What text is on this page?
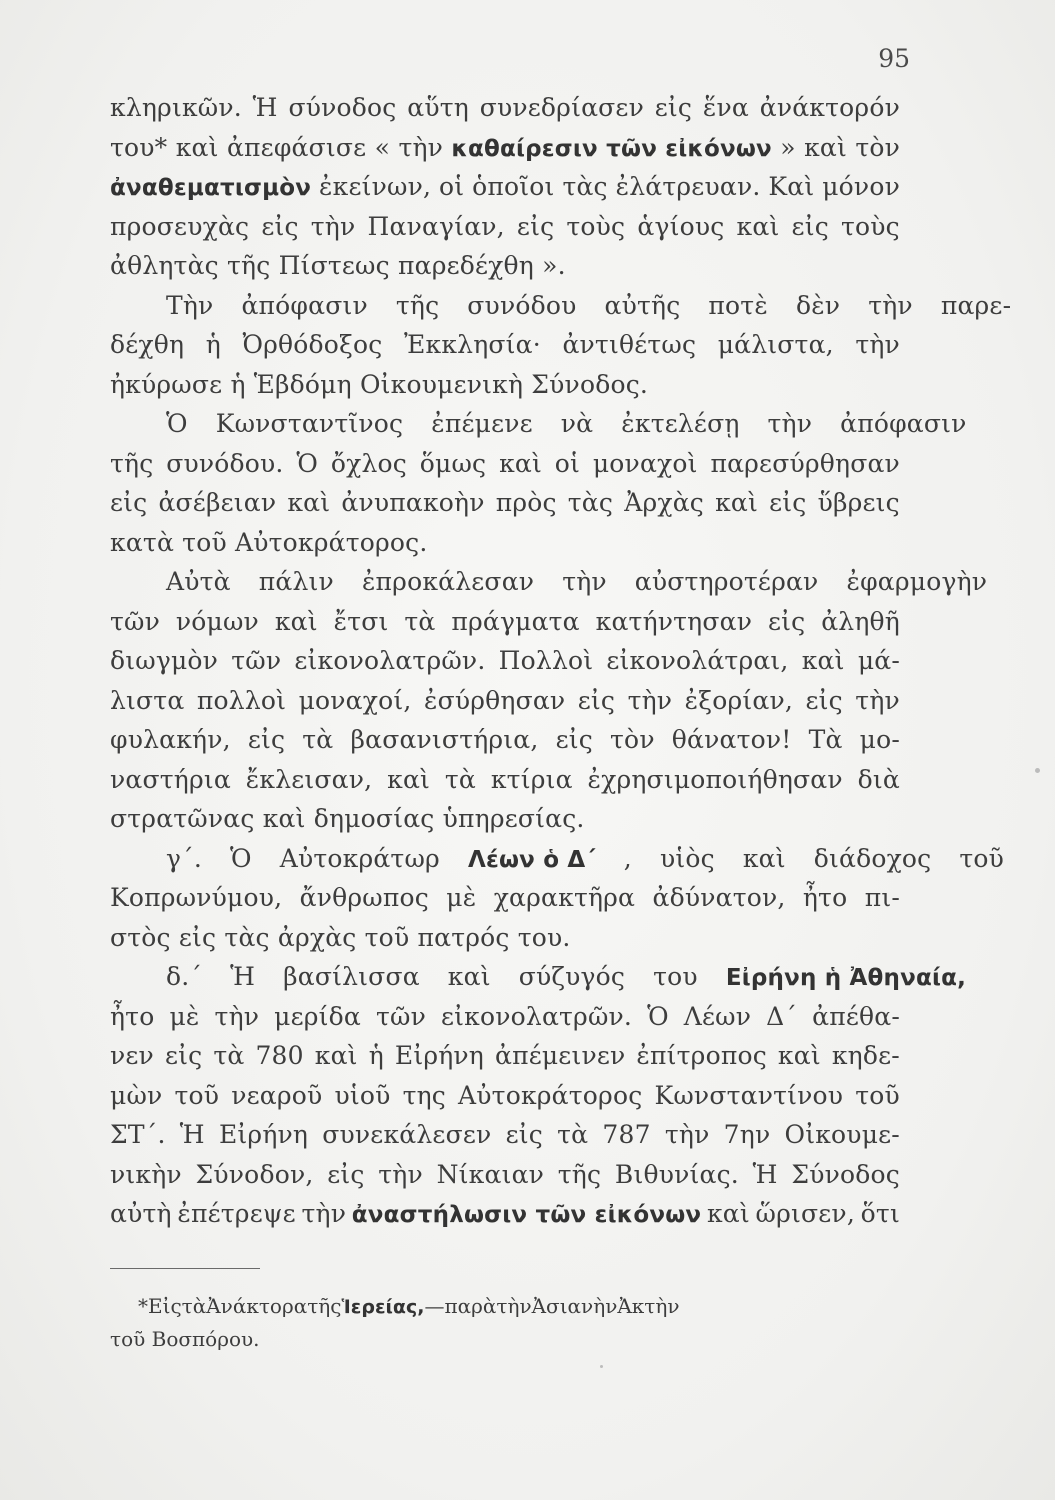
95
κληρικῶν. Ἡ σύνοδος αὕτη συνεδρίασεν εἰς ἕνα ἀνάκτορόν
του* καὶ ἀπεφάσισε « τὴν καθαίρεσιν τῶν εἰκόνων » καὶ τὸν
ἀναθεματισμὸν ἐκείνων, οἱ ὁποῖοι τὰς ἐλάτρευαν. Καὶ μόνον
προσευχὰς εἰς τὴν Παναγίαν, εἰς τοὺς ἁγίους καὶ εἰς τοὺς
ἀθλητὰς τῆς Πίστεως παρεδέχθη ».
Τὴν	ἀπόφασιν	τῆς	συνόδου	αὐτῆς	ποτὲ	δὲν	τὴν	παρε-
δέχθη ἡ Ὀρθόδοξος Ἐκκλησία· ἀντιθέτως μάλιστα, τὴν
ἠκύρωσε ἡ Ἑβδόμη Οἰκουμενικὴ Σύνοδος.
Ὁ	Κωνσταντῖνος	ἐπέμενε	νὰ	ἐκτελέσῃ	τὴν	ἀπόφασιν
τῆς συνόδου. Ὁ ὄχλος ὅμως καὶ οἱ μοναχοὶ παρεσύρθησαν
εἰς ἀσέβειαν καὶ ἀνυπακοὴν πρὸς τὰς Ἀρχὰς καὶ εἰς ὕβρεις
κατὰ τοῦ Αὐτοκράτορος.
Αὐτὰ	πάλιν	ἐπροκάλεσαν	τὴν	αὐστηροτέραν	ἐφαρμογὴν
τῶν νόμων καὶ ἔτσι τὰ πράγματα κατήντησαν εἰς ἀληθῆ
διωγμὸν τῶν εἰκονολατρῶν. Πολλοὶ εἰκονολάτραι, καὶ μά-
λιστα πολλοὶ μοναχοί, ἐσύρθησαν εἰς τὴν ἐξορίαν, εἰς τὴν
φυλακήν, εἰς τὰ βασανιστήρια, εἰς τὸν θάνατον! Τὰ μο-
ναστήρια ἔκλεισαν, καὶ τὰ κτίρια ἐχρησιμοποιήθησαν διὰ
στρατῶνας καὶ δημοσίας ὑπηρεσίας.
γ΄.	Ὁ	Αὐτοκράτωρ	Λέων ὁ Δ΄	,	υἱὸς	καὶ	διάδοχος	τοῦ
Κοπρωνύμου, ἄνθρωπος μὲ χαρακτῆρα ἀδύνατον, ἦτο πι-
στὸς εἰς τὰς ἀρχὰς τοῦ πατρός του.
δ.΄	Ἡ	βασίλισσα	καὶ	σύζυγός	του	Εἰρήνη ἡ Ἀθηναία,
ἦτο μὲ τὴν μερίδα τῶν εἰκονολατρῶν. Ὁ Λέων Δ΄ ἀπέθα-
νεν εἰς τὰ 780 καὶ ἡ Εἰρήνη ἀπέμεινεν ἐπίτροπος καὶ κηδε-
μὼν τοῦ νεαροῦ υἱοῦ της Αὐτοκράτορος Κωνσταντίνου τοῦ
ΣΤ΄. Ἡ Εἰρήνη συνεκάλεσεν εἰς τὰ 787 τὴν 7ην Οἰκουμε-
νικὴν Σύνοδον, εἰς τὴν Νίκαιαν τῆς Βιθυνίας. Ἡ Σύνοδος
αὐτὴ ἐπέτρεψε τὴν ἀναστήλωσιν τῶν εἰκόνων καὶ ὥρισεν, ὅτι
*ΕἰςτὰἈνάκτορατῆςἹερείας,—παρὰτὴνἈσιανὴνἈκτὴν
τοῦ Βοσπόρου.
